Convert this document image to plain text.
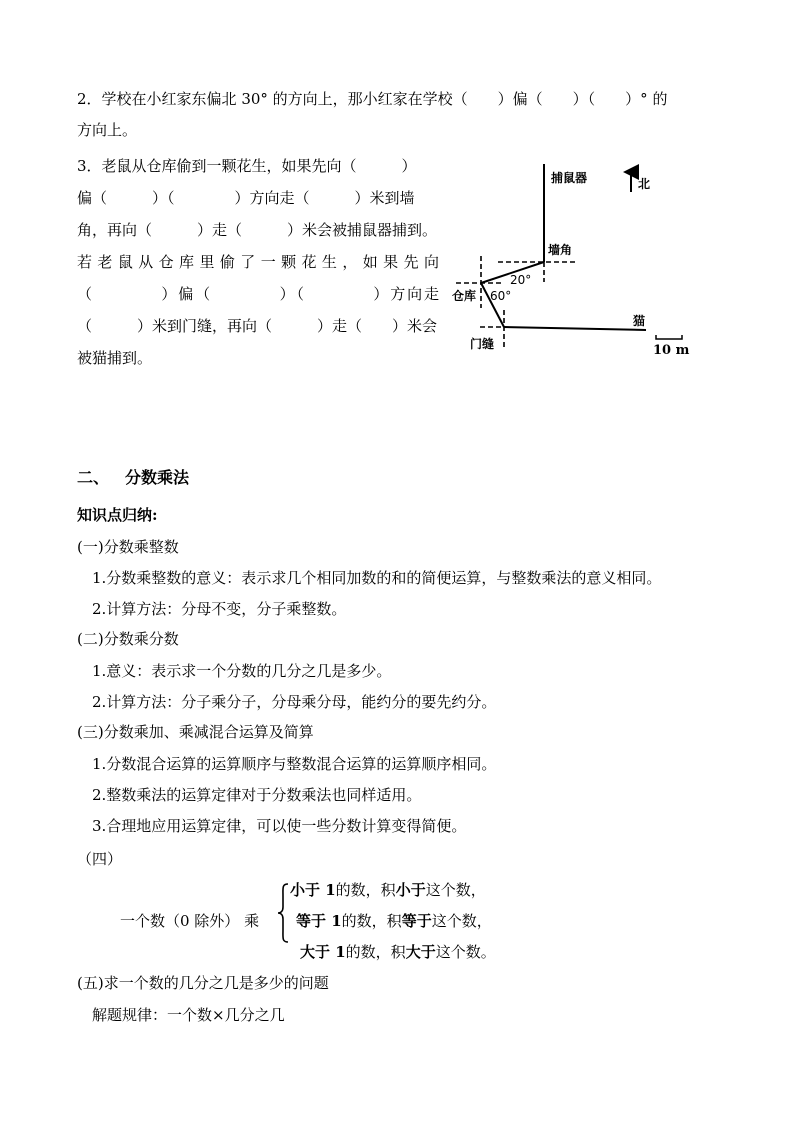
2．学校在小红家东偏北 30° 的方向上，那小红家在学校（　　）偏（　　）（　　）° 的
方向上。
3．老鼠从仓库偷到一颗花生，如果先向（　　　）
偏（　　　）（　　　　）方向走（　　　）米到墙
角，再向（　　　）走（　　　）米会被捕鼠器捕到。
若老鼠从仓库里偷了一颗花生，如果先向
（　　　　）偏（　　　　）（　　　　）方向走
（　　　）米到门缝，再向（　　　）走（　　）米会
被猫捕到。
捕鼠器	北
墙角
20°
60°
仓库
猫
门缝	10 m
二、 分数乘法
知识点归纳:
(一)分数乘整数
1.分数乘整数的意义：表示求几个相同加数的和的简便运算，与整数乘法的意义相同。
2.计算方法：分母不变，分子乘整数。
(二)分数乘分数
1.意义：表示求一个分数的几分之几是多少。
2.计算方法：分子乘分子，分母乘分母，能约分的要先约分。
(三)分数乘加、乘减混合运算及简算
1.分数混合运算的运算顺序与整数混合运算的运算顺序相同。
2.整数乘法的运算定律对于分数乘法也同样适用。
3.合理地应用运算定律，可以使一些分数计算变得简便。
（四）
一个数（0 除外） 乘
小于 1的数，积小于这个数，
等于 1的数，积等于这个数，
大于 1的数，积大于这个数。
(五)求一个数的几分之几是多少的问题
解题规律：一个数×几分之几
